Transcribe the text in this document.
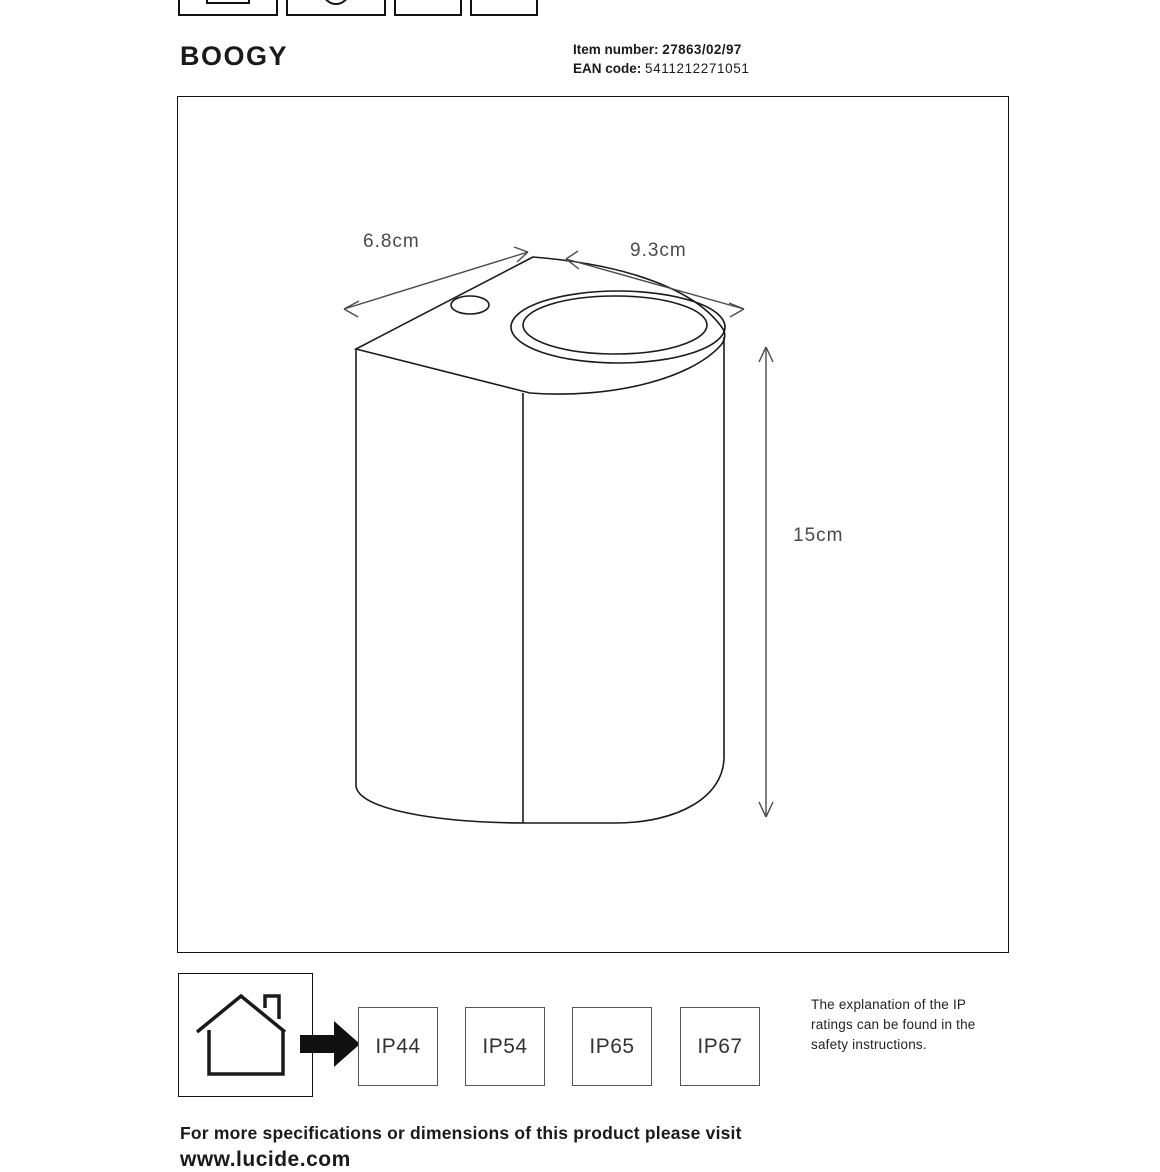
BOOGY	Item number: 27863/02/97
EAN code: 5411212271051
6.8cm	9.3cm
15cm
IP44	IP54	IP65	IP67
The explanation of the IP ratings can be found in the safety instructions.
For more specifications or dimensions of this product please visit
www.lucide.com
